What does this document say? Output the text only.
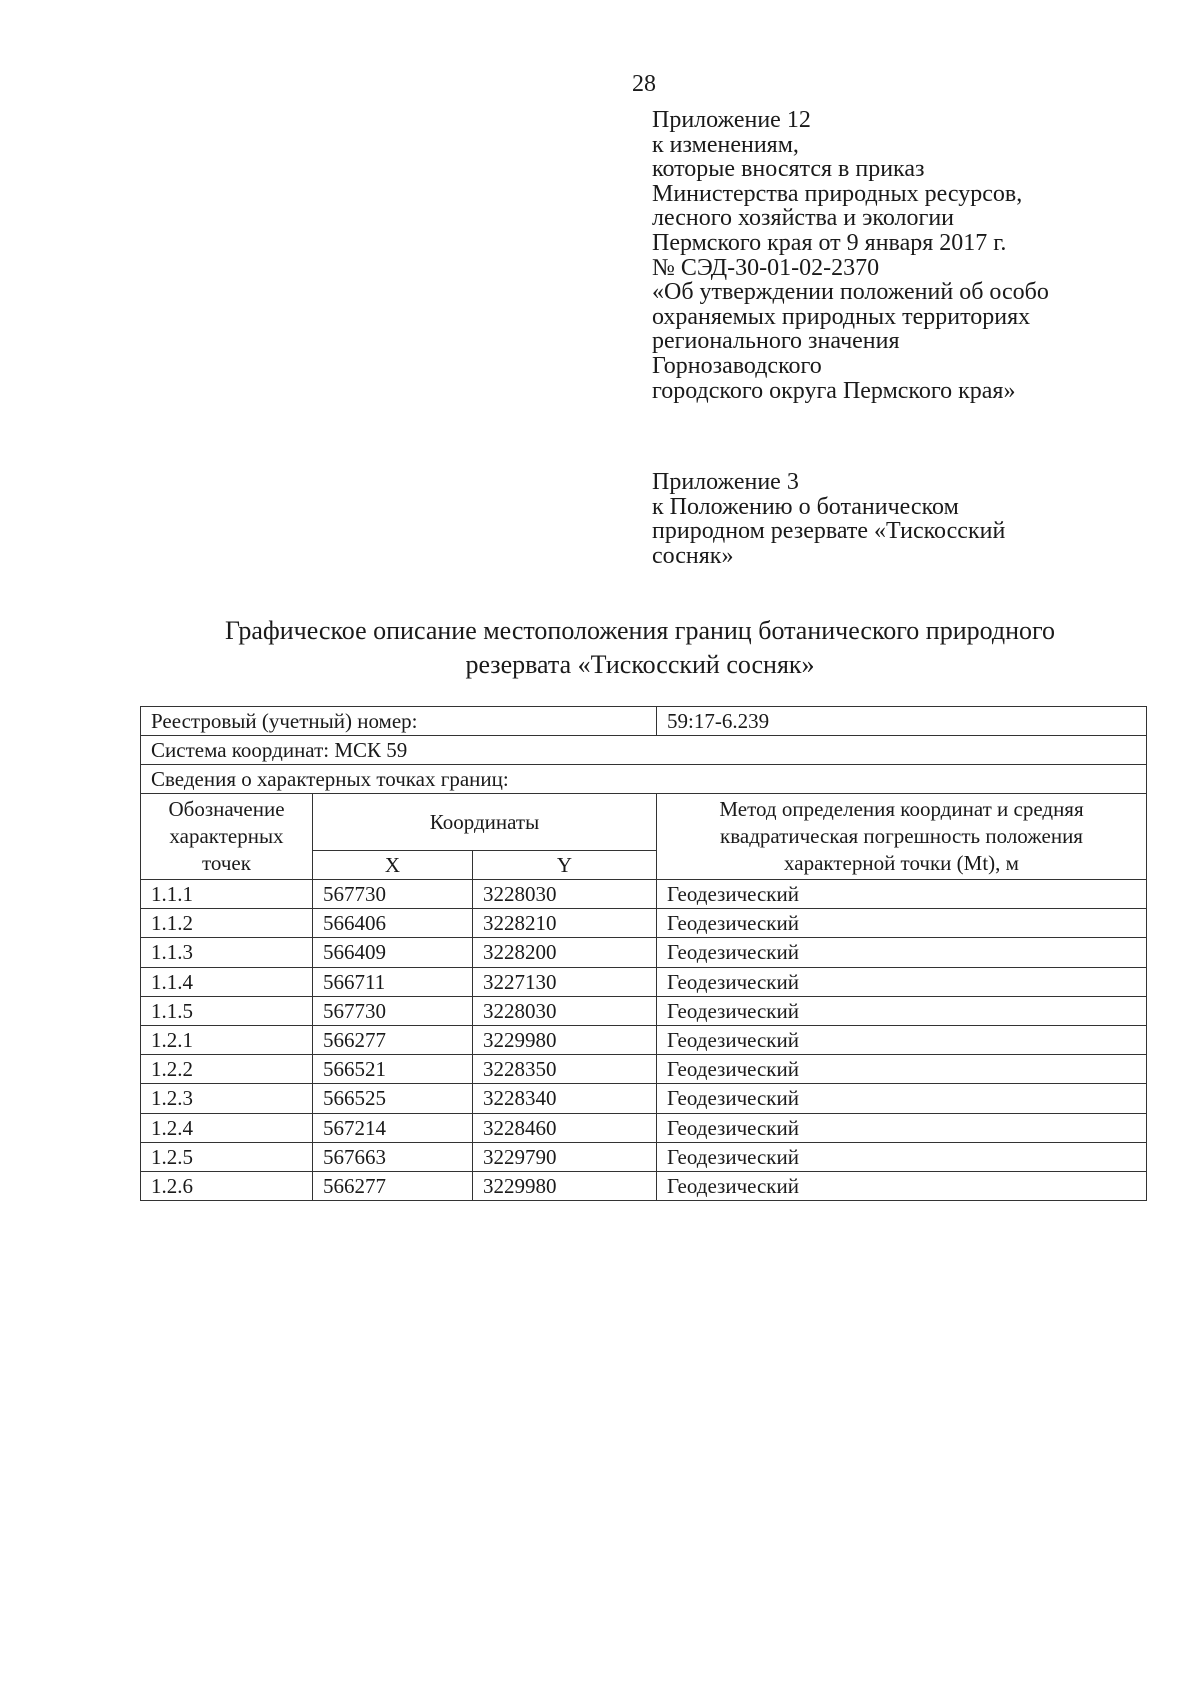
28
Приложение 12
к изменениям,
которые вносятся в приказ
Министерства природных ресурсов,
лесного хозяйства и экологии
Пермского края от 9 января 2017 г.
№ СЭД-30-01-02-2370
«Об утверждении положений об особо
охраняемых природных территориях
регионального значения
Горнозаводского
городского округа Пермского края»
Приложение 3
к Положению о ботаническом
природном резервате «Тискосский
сосняк»
Графическое описание местоположения границ ботанического природного
резервата «Тискосский сосняк»
Реестровый (учетный) номер:			59:17-6.239
Система координат: МСК 59			
Сведения о характерных точках границ:			
Обозначение характерных точек	Координаты		Метод определения координат и средняя квадратическая погрешность положения характерной точки (Mt), м
	X	Y	
1.1.1	567730	3228030	Геодезический
1.1.2	566406	3228210	Геодезический
1.1.3	566409	3228200	Геодезический
1.1.4	566711	3227130	Геодезический
1.1.5	567730	3228030	Геодезический
1.2.1	566277	3229980	Геодезический
1.2.2	566521	3228350	Геодезический
1.2.3	566525	3228340	Геодезический
1.2.4	567214	3228460	Геодезический
1.2.5	567663	3229790	Геодезический
1.2.6	566277	3229980	Геодезический
